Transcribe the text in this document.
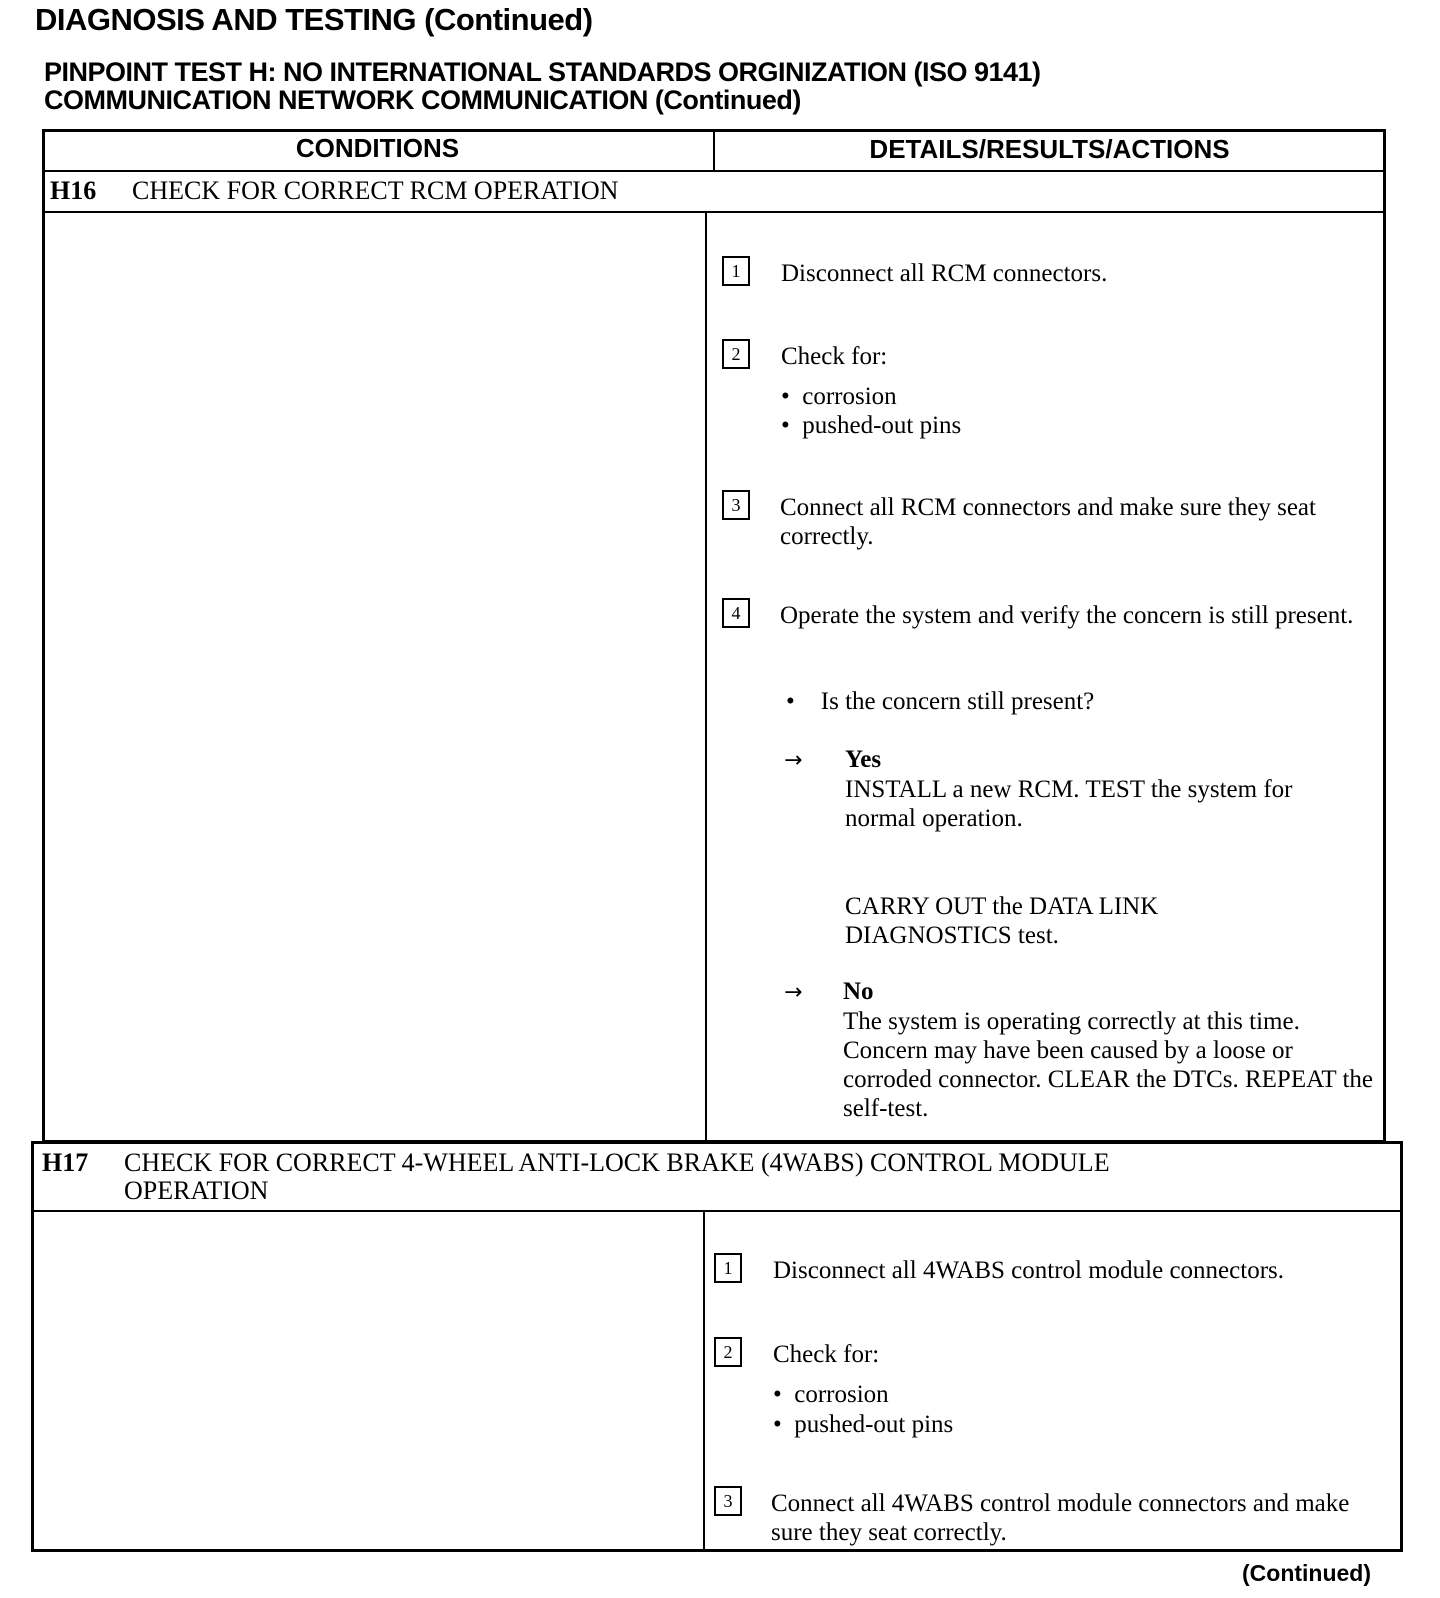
DIAGNOSIS AND TESTING (Continued)
PINPOINT TEST H: NO INTERNATIONAL STANDARDS ORGINIZATION (ISO 9141)
COMMUNICATION NETWORK COMMUNICATION (Continued)
CONDITIONS	DETAILS/RESULTS/ACTIONS
H16 CHECK FOR CORRECT RCM OPERATION
1	Disconnect all RCM connectors.
2	Check for:
• corrosion
• pushed-out pins
3	Connect all RCM connectors and make sure they seat correctly.
4	Operate the system and verify the concern is still present.
• Is the concern still present?
→ Yes
INSTALL a new RCM. TEST the system for normal operation.
CARRY OUT the DATA LINK DIAGNOSTICS test.
→ No
The system is operating correctly at this time. Concern may have been caused by a loose or corroded connector. CLEAR the DTCs. REPEAT the self-test.
H17 CHECK FOR CORRECT 4-WHEEL ANTI-LOCK BRAKE (4WABS) CONTROL MODULE
OPERATION
1	Disconnect all 4WABS control module connectors.
2	Check for:
• corrosion
• pushed-out pins
3	Connect all 4WABS control module connectors and make sure they seat correctly.
(Continued)
